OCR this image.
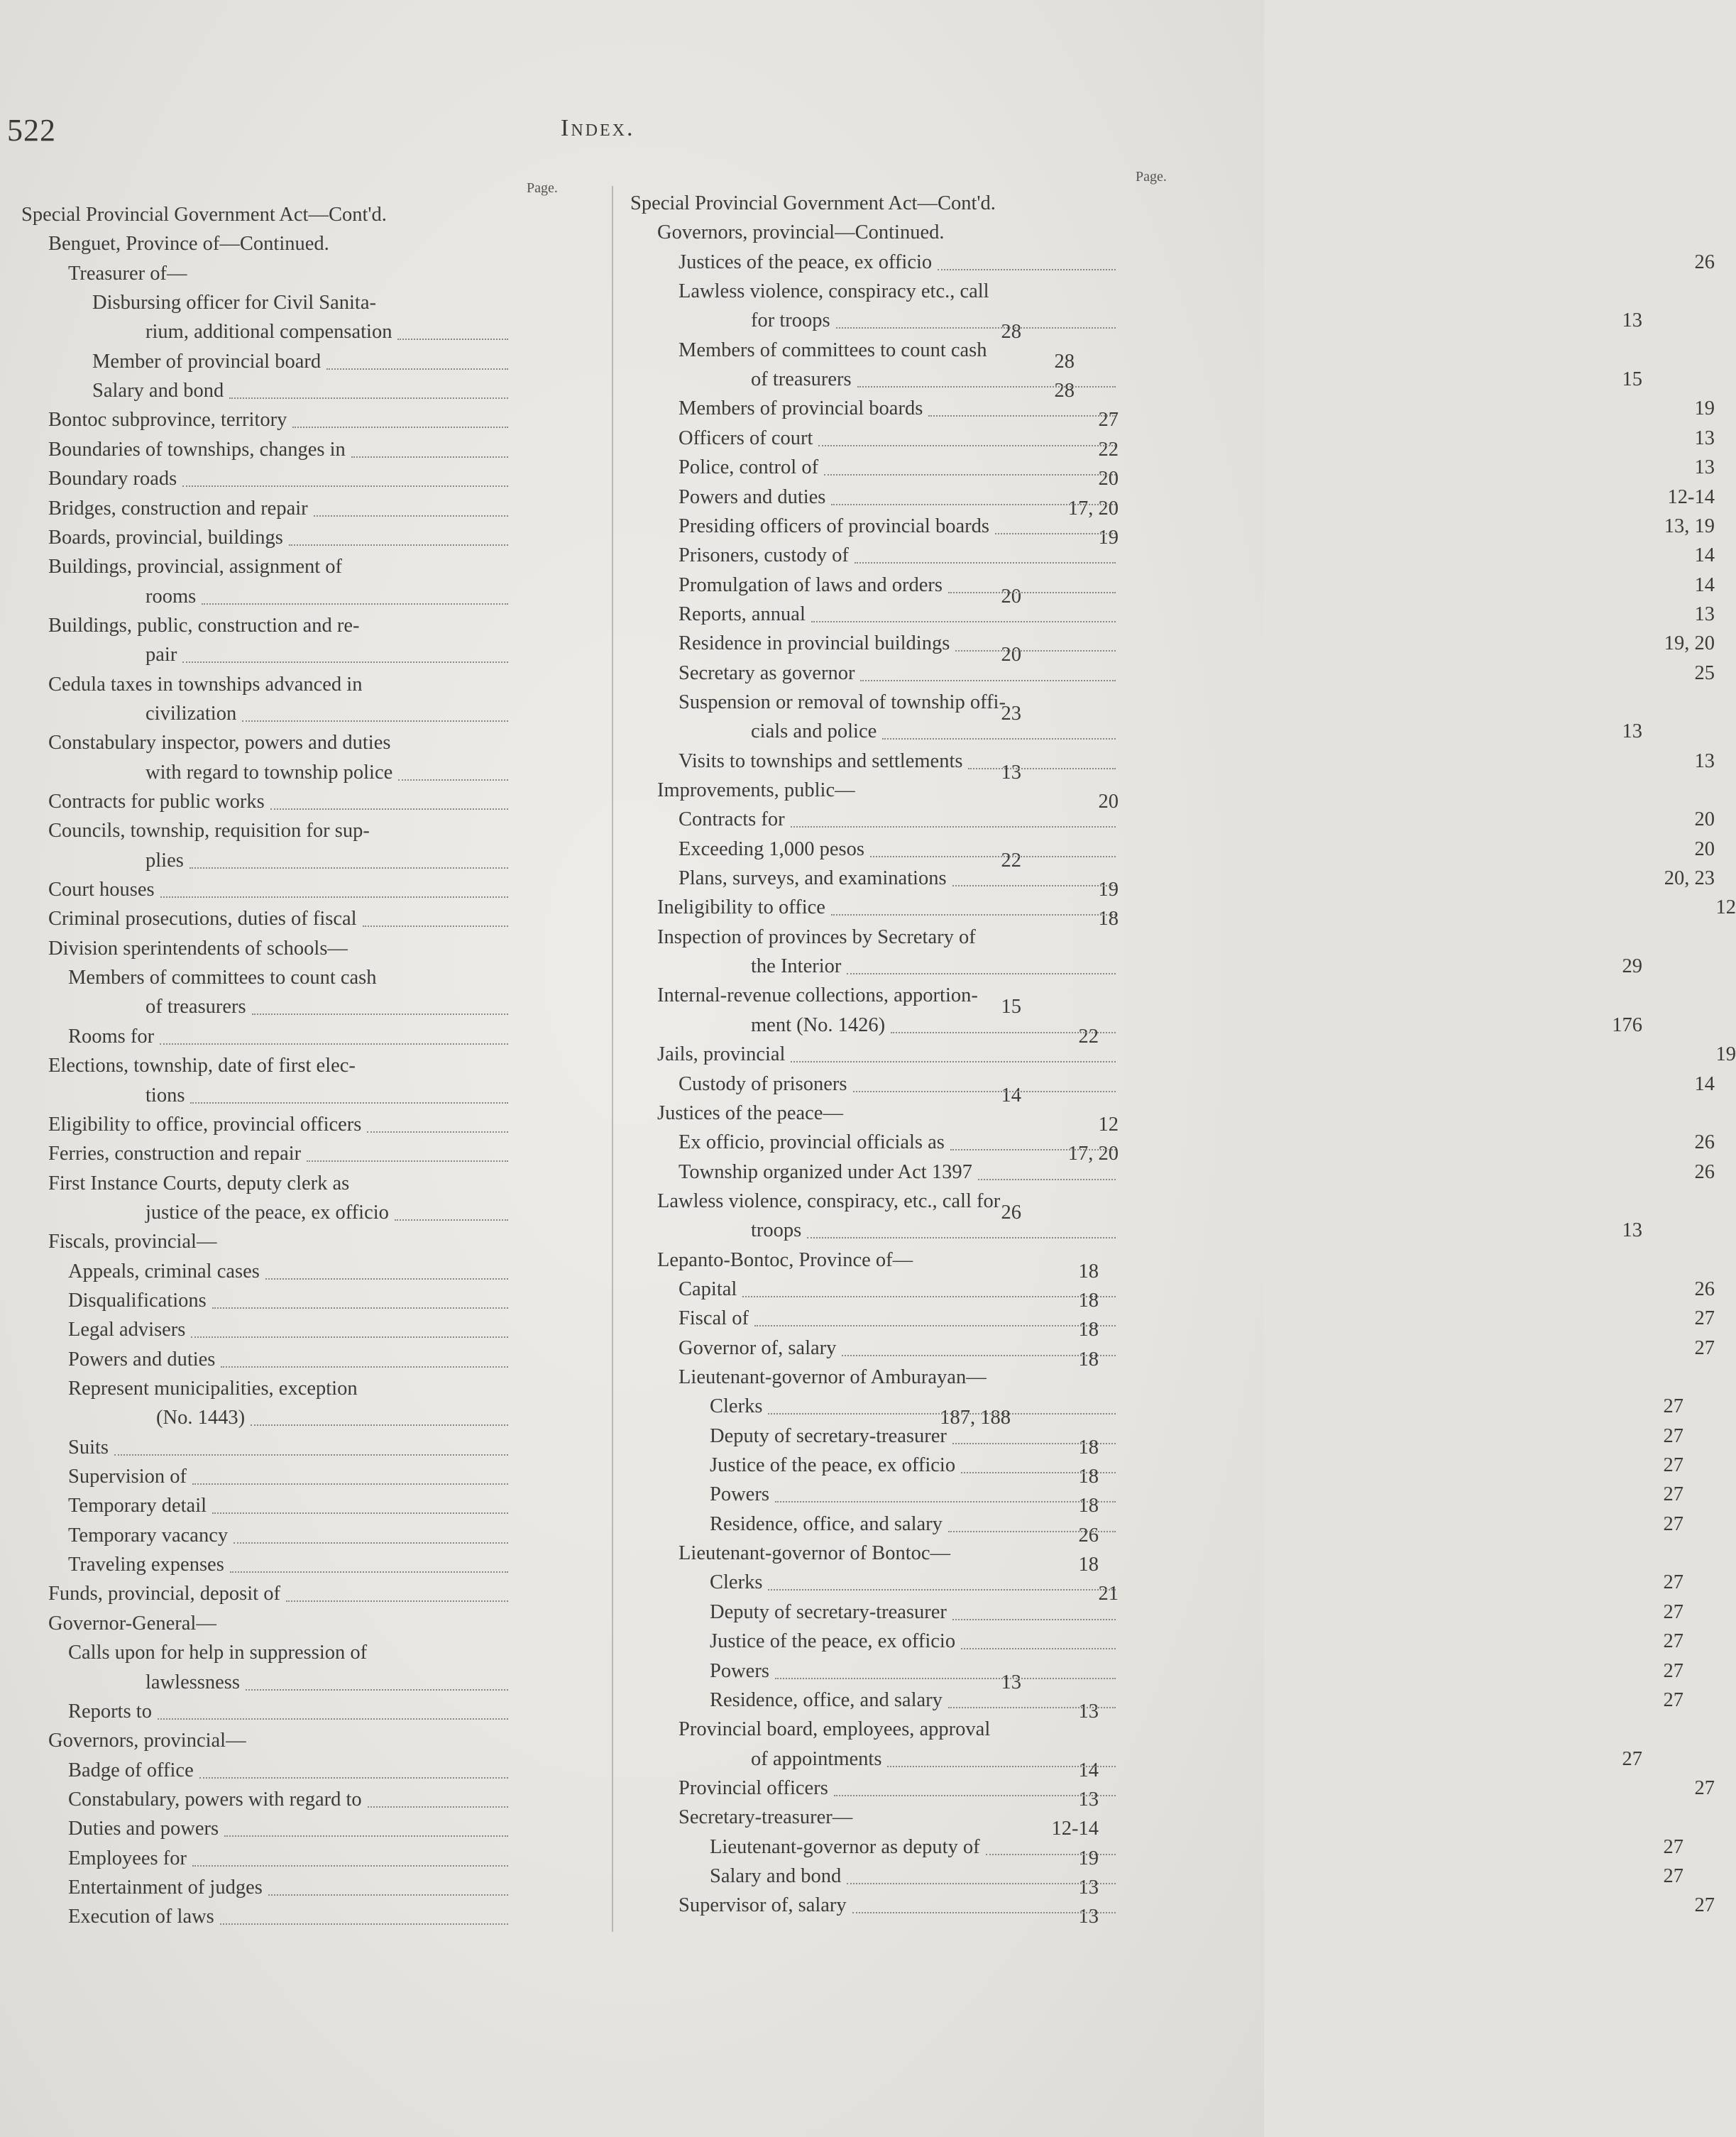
522	Index.
Page.
Page.
Special Provincial Government Act—Cont'd.
Benguet, Province of—Continued.
Treasurer of—
Disbursing officer for Civil Sanita-
rium, additional compensation	28
Member of provincial board	28
Salary and bond	28
Bontoc subprovince, territory	27
Boundaries of townships, changes in	22
Boundary roads	20
Bridges, construction and repair	17, 20
Boards, provincial, buildings	19
Buildings, provincial, assignment of
rooms	20
Buildings, public, construction and re-
pair	20
Cedula taxes in townships advanced in
civilization	23
Constabulary inspector, powers and duties
with regard to township police	13
Contracts for public works	20
Councils, township, requisition for sup-
plies	22
Court houses	19
Criminal prosecutions, duties of fiscal	18
Division sperintendents of schools—
Members of committees to count cash
of treasurers	15
Rooms for	22
Elections, township, date of first elec-
tions	14
Eligibility to office, provincial officers	12
Ferries, construction and repair	17, 20
First Instance Courts, deputy clerk as
justice of the peace, ex officio	26
Fiscals, provincial—
Appeals, criminal cases	18
Disqualifications	18
Legal advisers	18
Powers and duties	18
Represent municipalities, exception
(No. 1443)	187, 188
Suits	18
Supervision of	18
Temporary detail	18
Temporary vacancy	26
Traveling expenses	18
Funds, provincial, deposit of	21
Governor-General—
Calls upon for help in suppression of
lawlessness	13
Reports to	13
Governors, provincial—
Badge of office	14
Constabulary, powers with regard to	13
Duties and powers	12-14
Employees for	19
Entertainment of judges	13
Execution of laws	13
Special Provincial Government Act—Cont'd.
Governors, provincial—Continued.
Justices of the peace, ex officio	26
Lawless violence, conspiracy etc., call
for troops	13
Members of committees to count cash
of treasurers	15
Members of provincial boards	19
Officers of court	13
Police, control of	13
Powers and duties	12-14
Presiding officers of provincial boards	13, 19
Prisoners, custody of	14
Promulgation of laws and orders	14
Reports, annual	13
Residence in provincial buildings	19, 20
Secretary as governor	25
Suspension or removal of township offi-
cials and police	13
Visits to townships and settlements	13
Improvements, public—
Contracts for	20
Exceeding 1,000 pesos	20
Plans, surveys, and examinations	20, 23
Ineligibility to office	12
Inspection of provinces by Secretary of
the Interior	29
Internal-revenue collections, apportion-
ment (No. 1426)	176
Jails, provincial	19
Custody of prisoners	14
Justices of the peace—
Ex officio, provincial officials as	26
Township organized under Act 1397	26
Lawless violence, conspiracy, etc., call for
troops	13
Lepanto-Bontoc, Province of—
Capital	26
Fiscal of	27
Governor of, salary	27
Lieutenant-governor of Amburayan—
Clerks	27
Deputy of secretary-treasurer	27
Justice of the peace, ex officio	27
Powers	27
Residence, office, and salary	27
Lieutenant-governor of Bontoc—
Clerks	27
Deputy of secretary-treasurer	27
Justice of the peace, ex officio	27
Powers	27
Residence, office, and salary	27
Provincial board, employees, approval
of appointments	27
Provincial officers	27
Secretary-treasurer—
Lieutenant-governor as deputy of	27
Salary and bond	27
Supervisor of, salary	27
